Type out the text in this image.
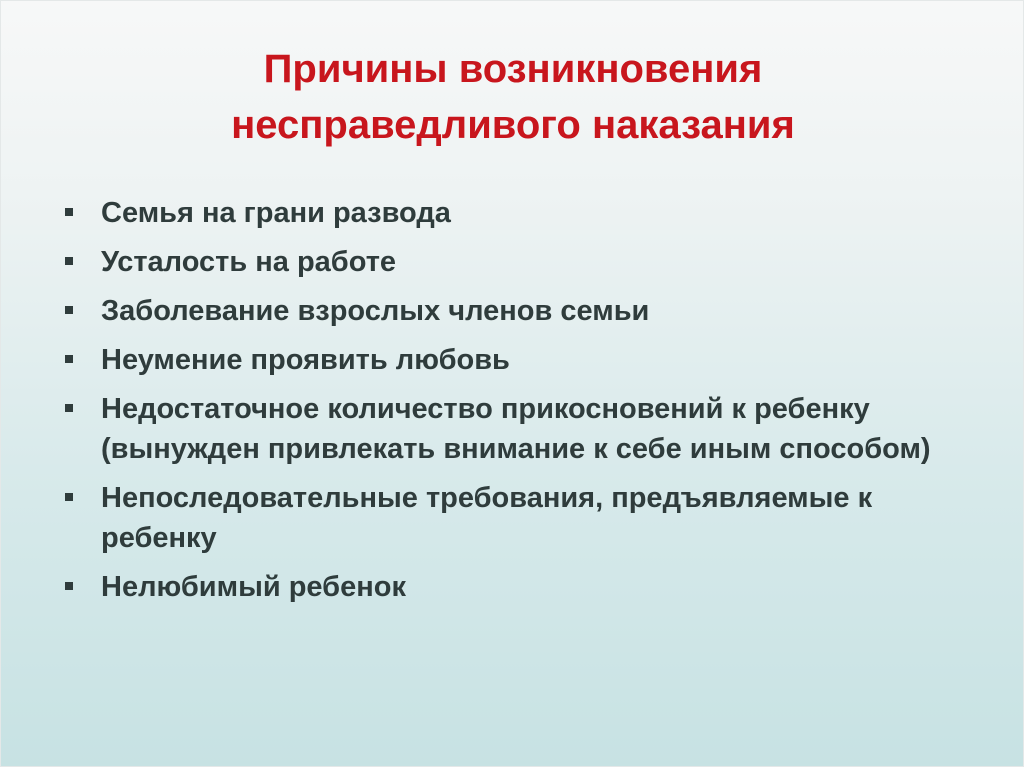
Причины возникновения
несправедливого наказания
Семья на грани развода
Усталость на работе
Заболевание взрослых членов семьи
Неумение проявить любовь
Недостаточное количество прикосновений к ребенку (вынужден привлекать внимание к себе иным способом)
Непоследовательные требования, предъявляемые к ребенку
Нелюбимый ребенок
